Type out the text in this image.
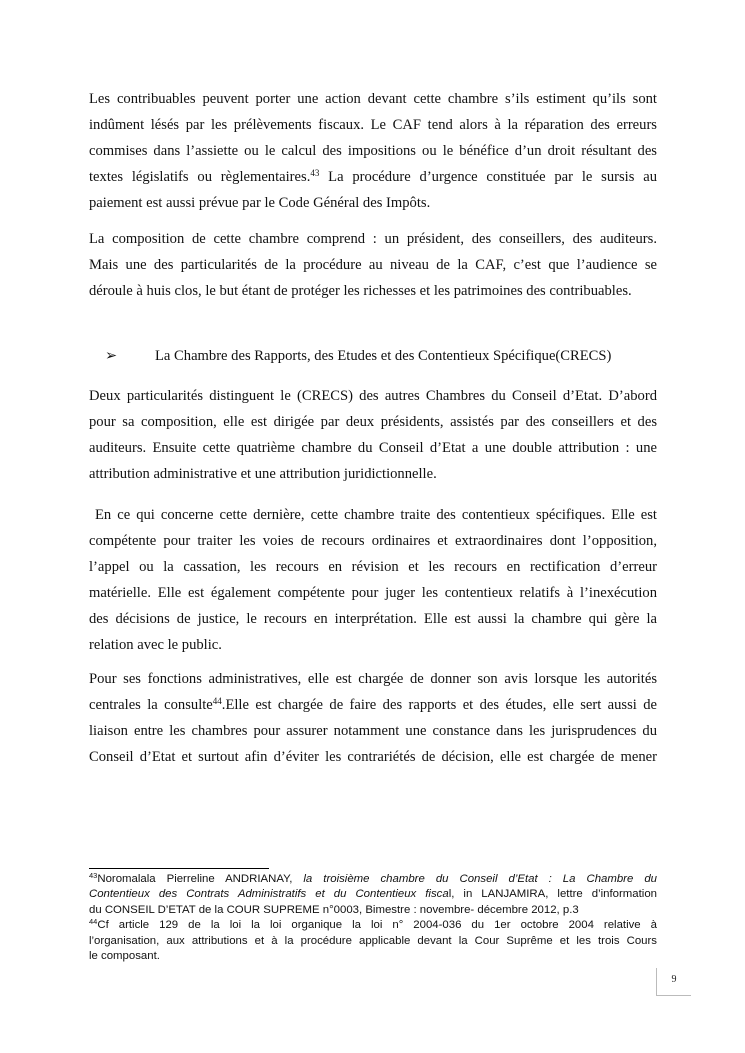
Les contribuables peuvent porter une action devant cette chambre s’ils estiment qu’ils sont
indûment lésés par les prélèvements fiscaux. Le CAF tend alors à la réparation des erreurs
commises dans l’assiette ou le calcul des impositions ou le bénéfice d’un droit résultant des
textes législatifs ou règlementaires.$^{43}$ La procédure d’urgence constituée par le sursis au
paiement est aussi prévue par le Code Général des Impôts.
La composition de cette chambre comprend : un président, des conseillers, des auditeurs.
Mais une des particularités de la procédure au niveau de la CAF, c’est que l’audience se
déroule à huis clos, le but étant de protéger les richesses et les patrimoines des contribuables.
➢	La Chambre des Rapports, des Etudes et des Contentieux Spécifique(CRECS)
Deux particularités distinguent le (CRECS) des autres Chambres du Conseil d’Etat. D’abord
pour sa composition, elle est dirigée par deux présidents, assistés par des conseillers et des
auditeurs. Ensuite cette quatrième chambre du Conseil d’Etat a une double attribution : une
attribution administrative et une attribution juridictionnelle.
En ce qui concerne cette dernière, cette chambre traite des contentieux spécifiques. Elle est
compétente pour traiter les voies de recours ordinaires et extraordinaires dont l’opposition,
l’appel ou la cassation, les recours en révision et les recours en rectification d’erreur
matérielle. Elle est également compétente pour juger les contentieux relatifs à l’inexécution
des décisions de justice, le recours en interprétation. Elle est aussi la chambre qui gère la
relation avec le public.
Pour ses fonctions administratives, elle est chargée de donner son avis lorsque les autorités
centrales la consulte$^{44}$.Elle est chargée de faire des rapports et des études, elle sert aussi de
liaison entre les chambres pour assurer notamment une constance dans les jurisprudences du
Conseil d’Etat et surtout afin d’éviter les contrariétés de décision, elle est chargée de mener
$^{43}$Noromalala Pierreline ANDRIANAY, la troisième chambre du Conseil d’Etat : La Chambre du
Contentieux des Contrats Administratifs et du Contentieux fiscal, in LANJAMIRA, lettre d’information
du CONSEIL D’ETAT de la COUR SUPREME n°0003, Bimestre : novembre- décembre 2012, p.3
$^{44}$Cf article 129 de la loi la loi organique la loi n° 2004-036 du 1er octobre 2004 relative à
l’organisation, aux attributions et à la procédure applicable devant la Cour Suprême et les trois Cours
le composant.
9
